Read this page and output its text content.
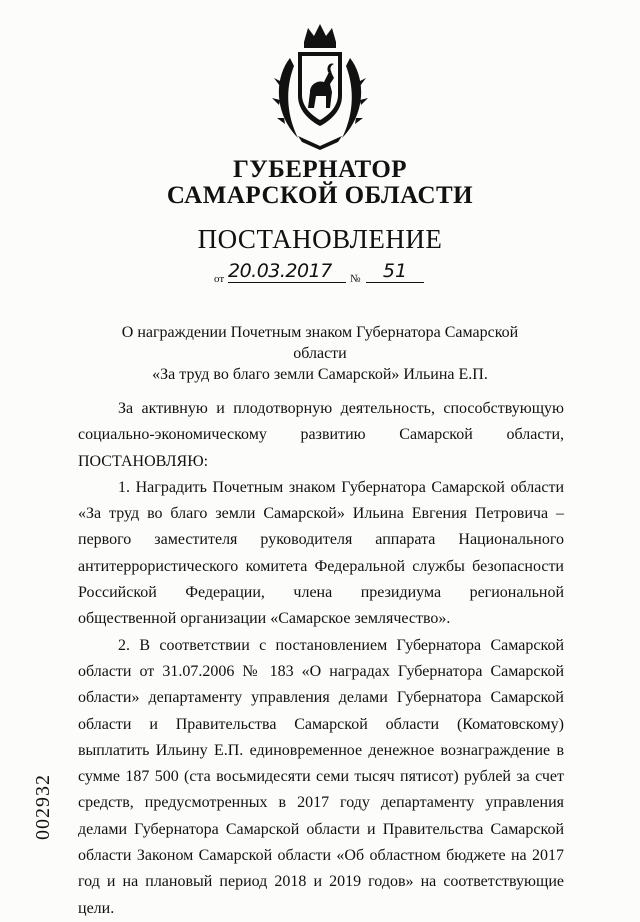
ГУБЕРНАТОР
САМАРСКОЙ ОБЛАСТИ
ПОСТАНОВЛЕНИЕ
от 20.03.2017	№	51
О награждении Почетным знаком Губернатора Самарской области
«За труд во благо земли Самарской» Ильина Е.П.

За активную и плодотворную деятельность, способствующую социально-экономическому развитию Самарской области, ПОСТАНОВЛЯЮ:

1. Наградить Почетным знаком Губернатора Самарской области «За труд во благо земли Самарской» Ильина Евгения Петровича – первого заместителя руководителя аппарата Национального антитеррористического комитета Федеральной службы безопасности Российской Федерации, члена президиума региональной общественной организации «Самарское землячество».

2. В соответствии с постановлением Губернатора Самарской области от 31.07.2006 № 183 «О наградах Губернатора Самарской области» департаменту управления делами Губернатора Самарской области и Правительства Самарской области (Коматовскому) выплатить Ильину Е.П. единовременное денежное вознаграждение в сумме 187 500 (ста восьмидесяти семи тысяч пятисот) рублей за счет средств, предусмотренных в 2017 году департаменту управления делами Губернатора Самарской области и Правительства Самарской области Законом Самарской области «Об областном бюджете на 2017 год и на плановый период 2018 и 2019 годов» на соответствующие цели.

002932
